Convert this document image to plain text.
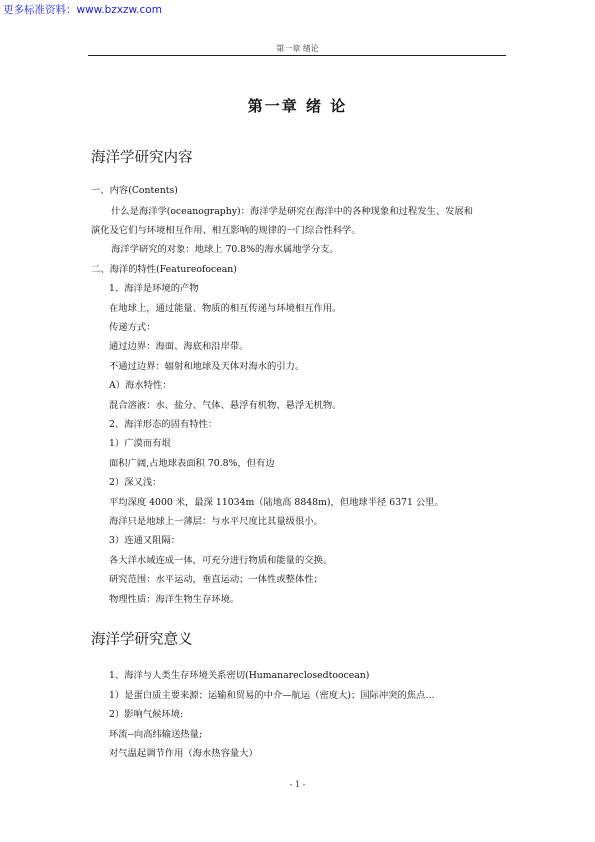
更多标准资料：www.bzxzw.com
第一章 绪论
第一章 绪 论
海洋学研究内容
一、内容(Contents)
什么是海洋学(oceanography)：海洋学是研究在海洋中的各种现象和过程发生、发展和
演化及它们与环境相互作用、相互影响的规律的一门综合性科学。
海洋学研究的对象：地球上 70.8%的海水属地学分支。
二、海洋的特性(Featureofocean)
1、海洋是环境的产物
在地球上，通过能量、物质的相互传递与环境相互作用。
传递方式：
通过边界：海面、海底和沿岸带。
不通过边界：辐射和地球及天体对海水的引力。
A）海水特性：
混合溶液：水、盐分、气体、悬浮有机物、悬浮无机物。
2、海洋形态的固有特性：
1）广漠而有垠
面积广阔,占地球表面积 70.8%，但有边
2）深又浅：
平均深度 4000 米，最深 11034m（陆地高 8848m)，但地球半径 6371 公里。
海洋只是地球上一薄层：与水平尺度比其量级很小。
3）连通又阻隔：
各大洋水域连成一体，可充分进行物质和能量的交换。
研究范围：水平运动，垂直运动；一体性或整体性；
物理性质：海洋生物生存环境。
海洋学研究意义
1、海洋与人类生存环境关系密切(Humanareclosedtoocean)
1）是蛋白质主要来源；运输和贸易的中介—航运（密度大)；国际冲突的焦点…
2）影响气候环境:
环流--向高纬输送热量;
对气温起调节作用（海水热容量大）
- 1 -
